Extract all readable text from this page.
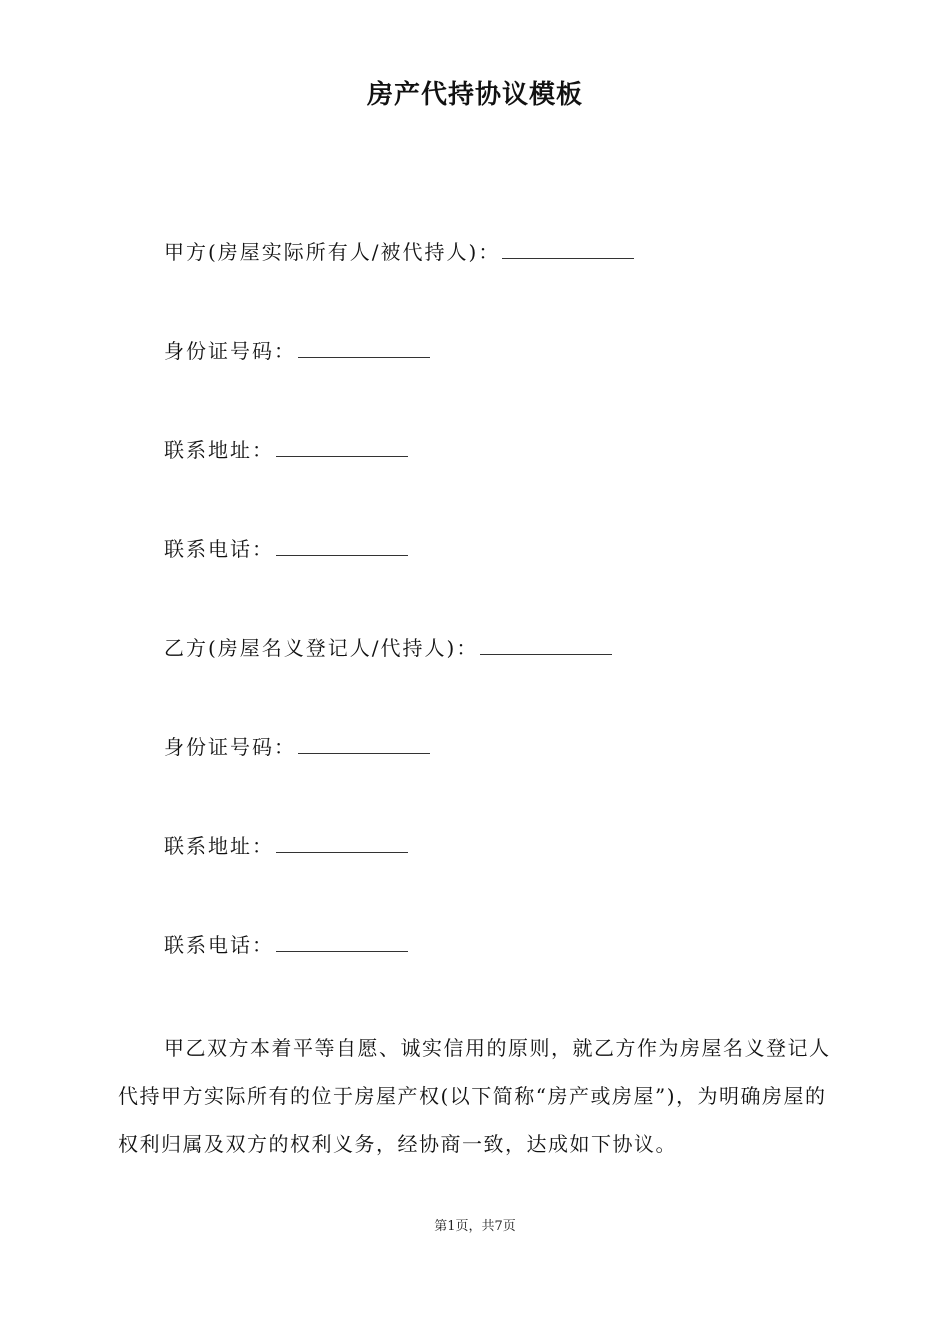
房产代持协议模板
甲方(房屋实际所有人/被代持人)：
身份证号码：
联系地址：
联系电话：
乙方(房屋名义登记人/代持人)：
身份证号码：
联系地址：
联系电话：
甲乙双方本着平等自愿、诚实信用的原则，就乙方作为房屋名义登记人代持甲方实际所有的位于房屋产权(以下简称“房产或房屋”)，为明确房屋的权利归属及双方的权利义务，经协商一致，达成如下协议。
第1页，共7页
